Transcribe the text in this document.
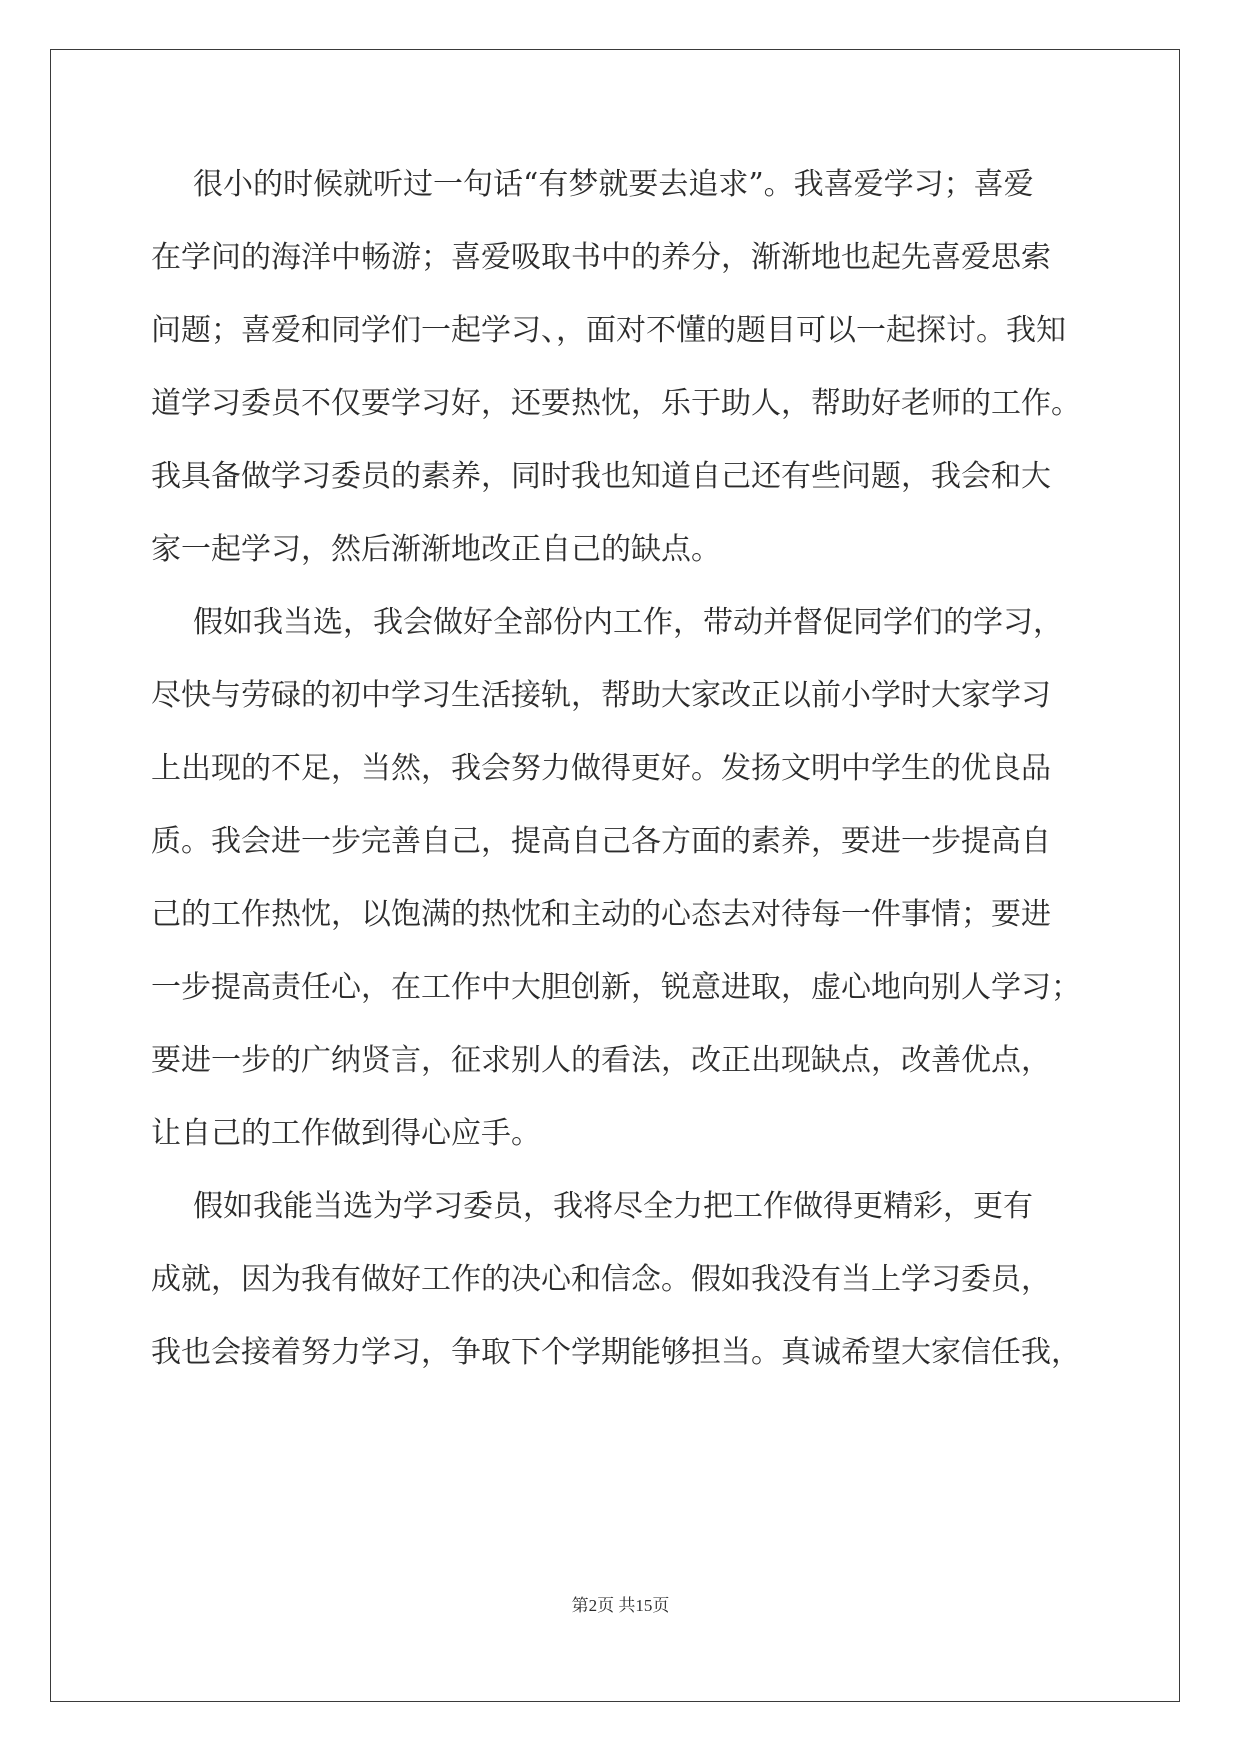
很小的时候就听过一句话“有梦就要去追求”。我喜爱学习；喜爱
在学问的海洋中畅游；喜爱吸取书中的养分，渐渐地也起先喜爱思索
问题；喜爱和同学们一起学习、，面对不懂的题目可以一起探讨。我知
道学习委员不仅要学习好，还要热忱，乐于助人，帮助好老师的工作。
我具备做学习委员的素养，同时我也知道自己还有些问题，我会和大
家一起学习，然后渐渐地改正自己的缺点。
假如我当选，我会做好全部份内工作，带动并督促同学们的学习，
尽快与劳碌的初中学习生活接轨，帮助大家改正以前小学时大家学习
上出现的不足，当然，我会努力做得更好。发扬文明中学生的优良品
质。我会进一步完善自己，提高自己各方面的素养，要进一步提高自
己的工作热忱，以饱满的热忱和主动的心态去对待每一件事情；要进
一步提高责任心，在工作中大胆创新，锐意进取，虚心地向别人学习；
要进一步的广纳贤言，征求别人的看法，改正出现缺点，改善优点，
让自己的工作做到得心应手。
假如我能当选为学习委员，我将尽全力把工作做得更精彩，更有
成就，因为我有做好工作的决心和信念。假如我没有当上学习委员，
我也会接着努力学习，争取下个学期能够担当。真诚希望大家信任我，
第2页 共15页
